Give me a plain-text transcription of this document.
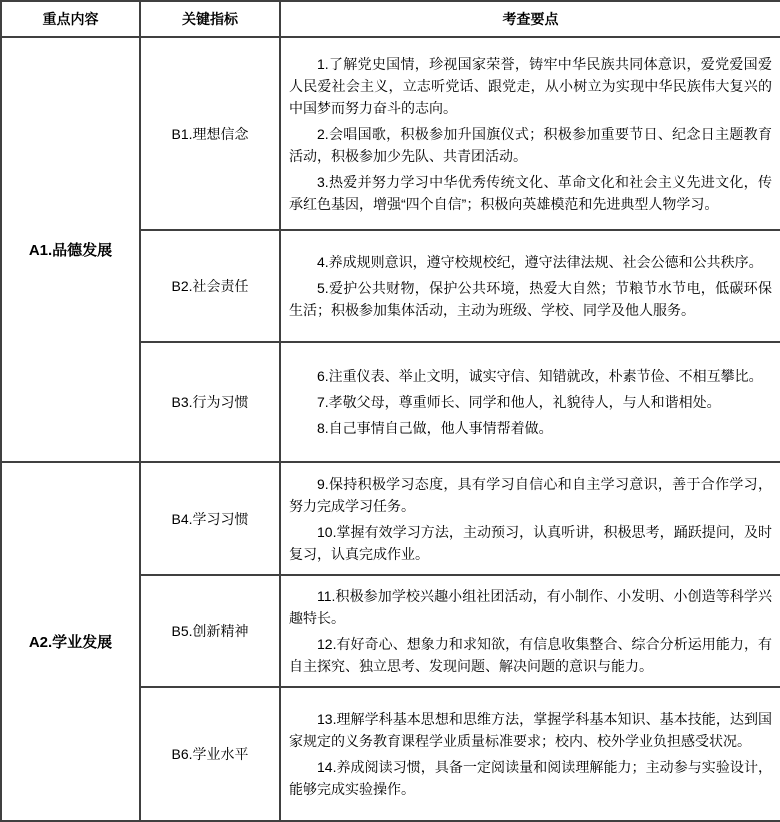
重点内容	关键指标	考查要点
A1.品德发展	B1.理想信念	1.了解党史国情，珍视国家荣誉，铸牢中华民族共同体意识，爱党爱国爱人民爱社会主义，立志听党话、跟党走，从小树立为实现中华民族伟大复兴的中国梦而努力奋斗的志向。

2.会唱国歌，积极参加升国旗仪式；积极参加重要节日、纪念日主题教育活动，积极参加少先队、共青团活动。

3.热爱并努力学习中华优秀传统文化、革命文化和社会主义先进文化，传承红色基因，增强“四个自信”；积极向英雄模范和先进典型人物学习。

	B2.社会责任	4.养成规则意识，遵守校规校纪，遵守法律法规、社会公德和公共秩序。

5.爱护公共财物，保护公共环境，热爱大自然；节粮节水节电，低碳环保生活；积极参加集体活动，主动为班级、学校、同学及他人服务。

	B3.行为习惯	6.注重仪表、举止文明，诚实守信、知错就改，朴素节俭、不相互攀比。

7.孝敬父母，尊重师长、同学和他人，礼貌待人，与人和谐相处。

8.自己事情自己做，他人事情帮着做。

A2.学业发展	B4.学习习惯	9.保持积极学习态度，具有学习自信心和自主学习意识，善于合作学习，努力完成学习任务。

10.掌握有效学习方法，主动预习，认真听讲，积极思考，踊跃提问，及时复习，认真完成作业。

	B5.创新精神	11.积极参加学校兴趣小组社团活动，有小制作、小发明、小创造等科学兴趣特长。

12.有好奇心、想象力和求知欲，有信息收集整合、综合分析运用能力，有自主探究、独立思考、发现问题、解决问题的意识与能力。

	B6.学业水平	13.理解学科基本思想和思维方法，掌握学科基本知识、基本技能，达到国家规定的义务教育课程学业质量标准要求；校内、校外学业负担感受状况。

14.养成阅读习惯，具备一定阅读量和阅读理解能力；主动参与实验设计，能够完成实验操作。
